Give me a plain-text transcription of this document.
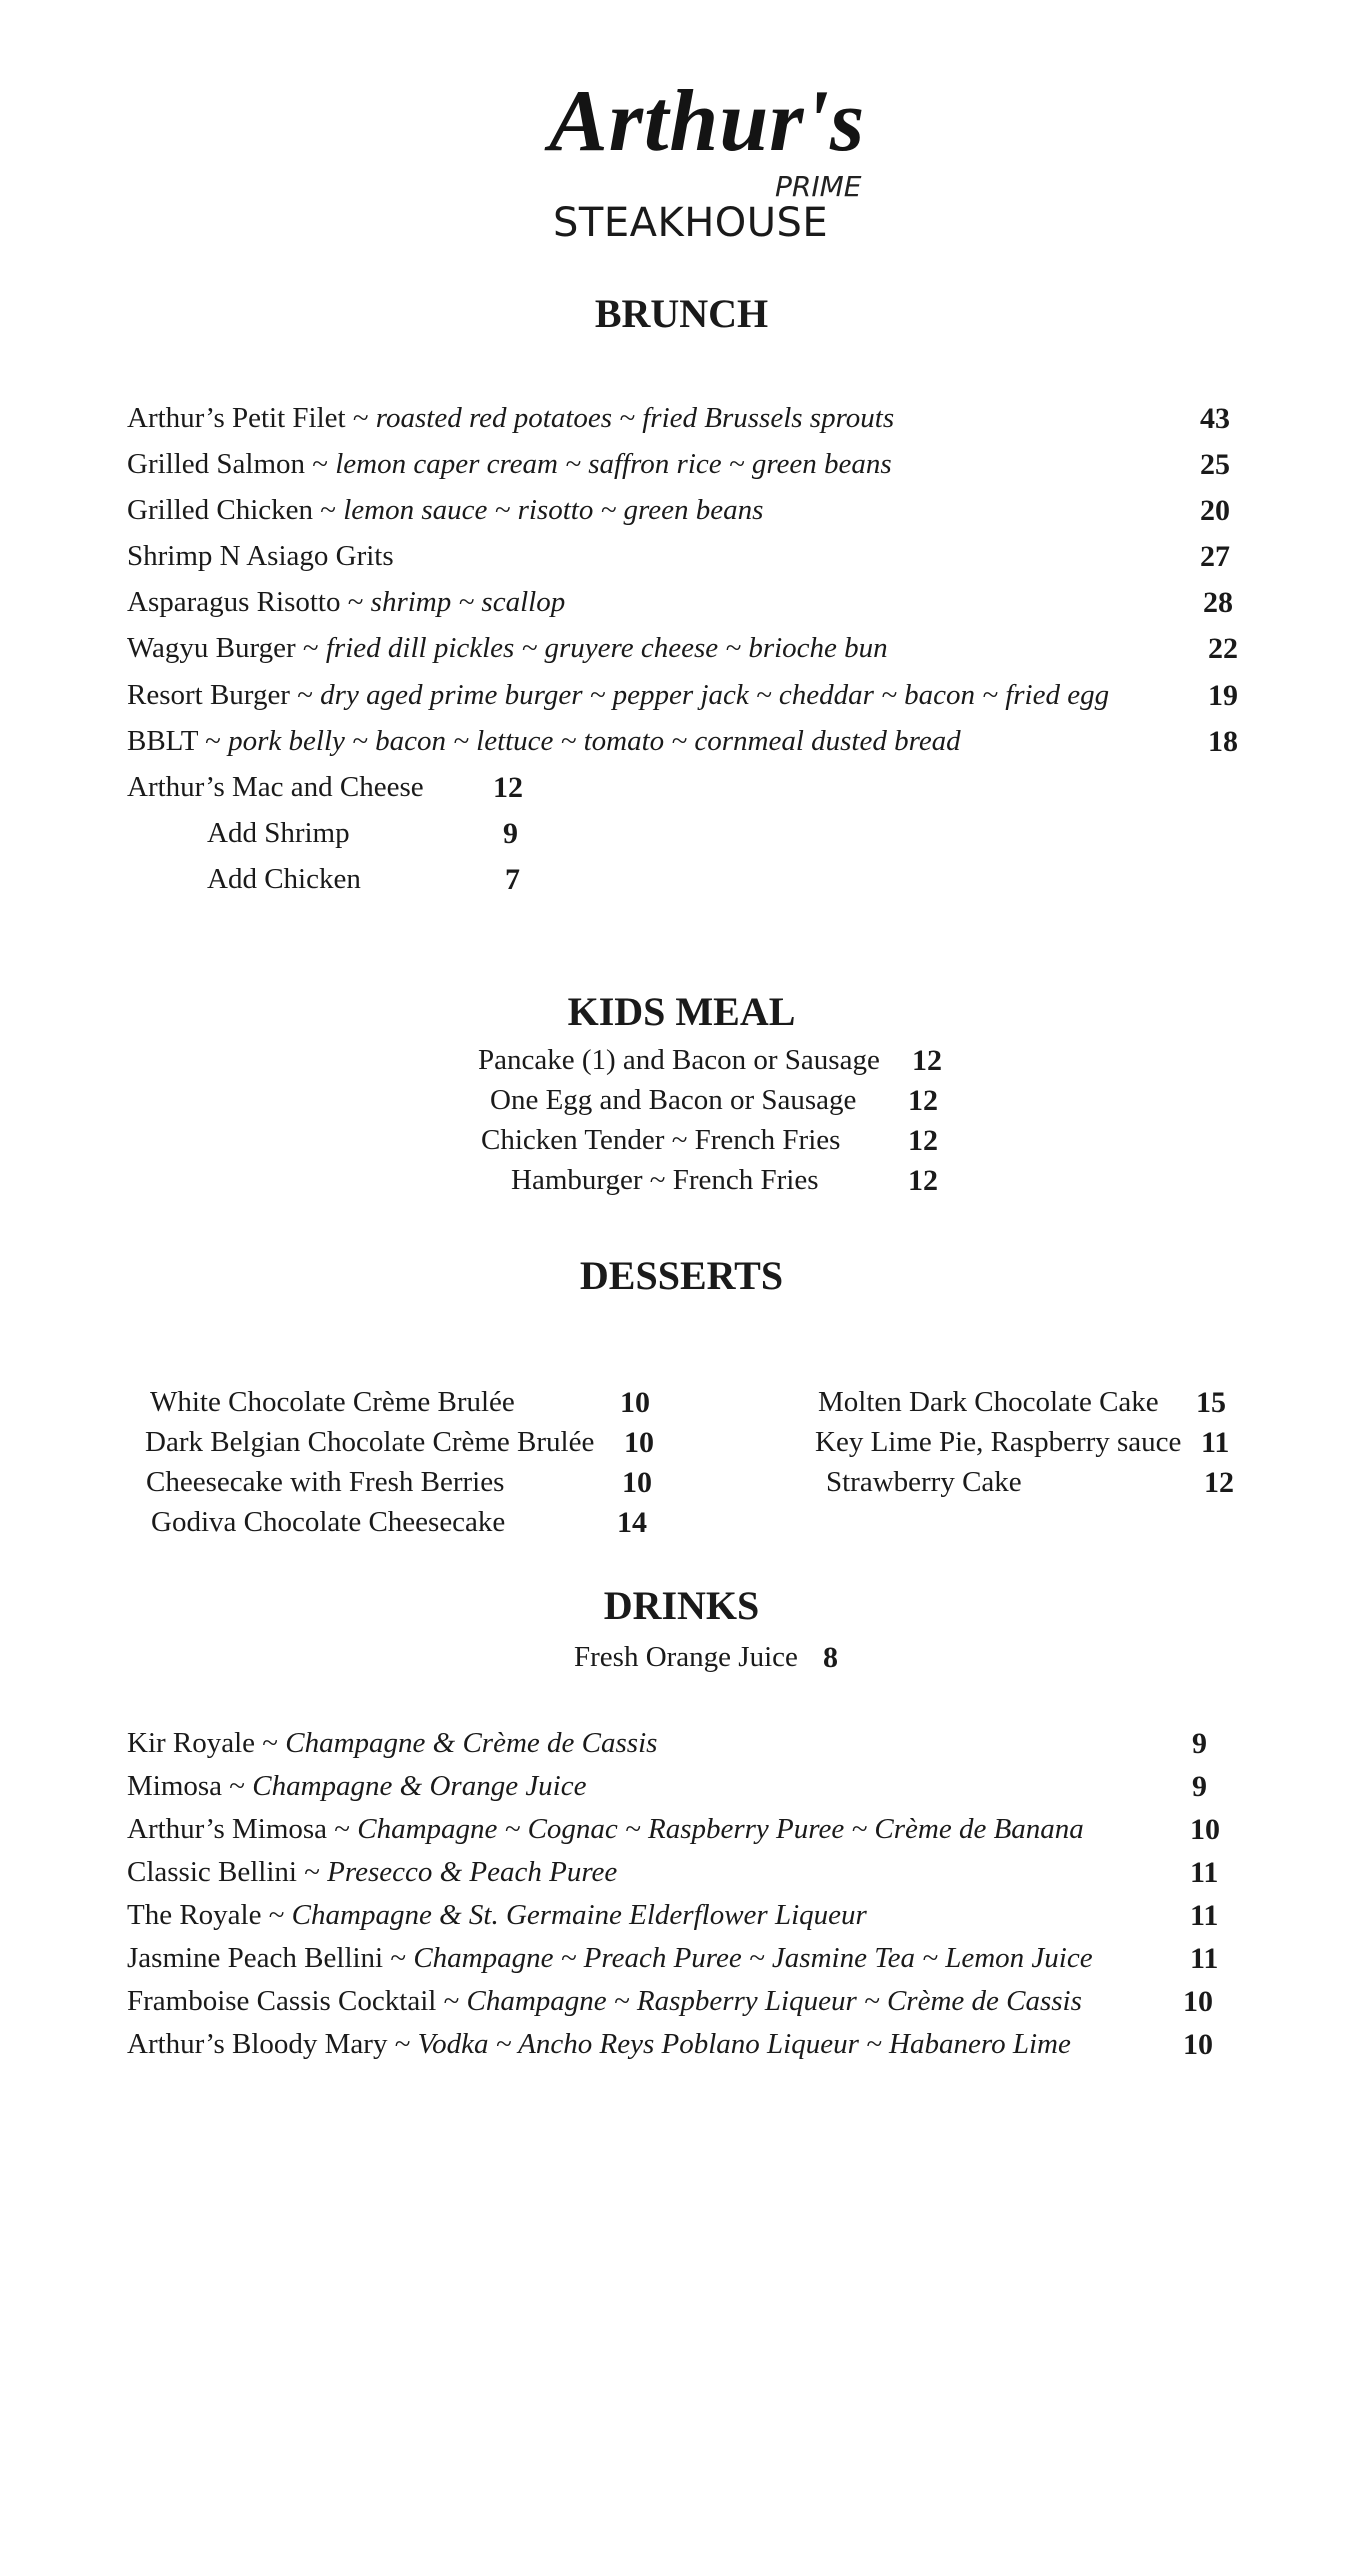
Arthur's
PRIME
STEAKHOUSE
BRUNCH
Arthur’s Petit Filet ~ roasted red potatoes ~ fried Brussels sprouts	43
Grilled Salmon ~ lemon caper cream ~ saffron rice ~ green beans	25
Grilled Chicken ~ lemon sauce ~ risotto ~ green beans	20
Shrimp N Asiago Grits	27
Asparagus Risotto ~ shrimp ~ scallop	28
Wagyu Burger ~ fried dill pickles ~ gruyere cheese ~ brioche bun	22
Resort Burger ~ dry aged prime burger ~ pepper jack ~ cheddar ~ bacon ~ fried egg	19
BBLT ~ pork belly ~ bacon ~ lettuce ~ tomato ~ cornmeal dusted bread	18
Arthur’s Mac and Cheese 12
Add Shrimp	9
Add Chicken	7
KIDS MEAL
Pancake (1) and Bacon or Sausage 12
One Egg and Bacon or Sausage 12
Chicken Tender ~ French Fries 12
Hamburger ~ French Fries	12
DESSERTS
White Chocolate Crème Brulée	10
Dark Belgian Chocolate Crème Brulée 10
Cheesecake with Fresh Berries	10
Godiva Chocolate Cheesecake	14
Molten Dark Chocolate Cake 15
Key Lime Pie, Raspberry sauce 11
Strawberry Cake	12
DRINKS
Fresh Orange Juice 8
Kir Royale ~ Champagne & Crème de Cassis	9
Mimosa ~ Champagne & Orange Juice	9
Arthur’s Mimosa ~ Champagne ~ Cognac ~ Raspberry Puree ~ Crème de Banana	10
Classic Bellini ~ Presecco & Peach Puree	11
The Royale ~ Champagne & St. Germaine Elderflower Liqueur	11
Jasmine Peach Bellini ~ Champagne ~ Preach Puree ~ Jasmine Tea ~ Lemon Juice	11
Framboise Cassis Cocktail ~ Champagne ~ Raspberry Liqueur ~ Crème de Cassis	10
Arthur’s Bloody Mary ~ Vodka ~ Ancho Reys Poblano Liqueur ~ Habanero Lime	10
